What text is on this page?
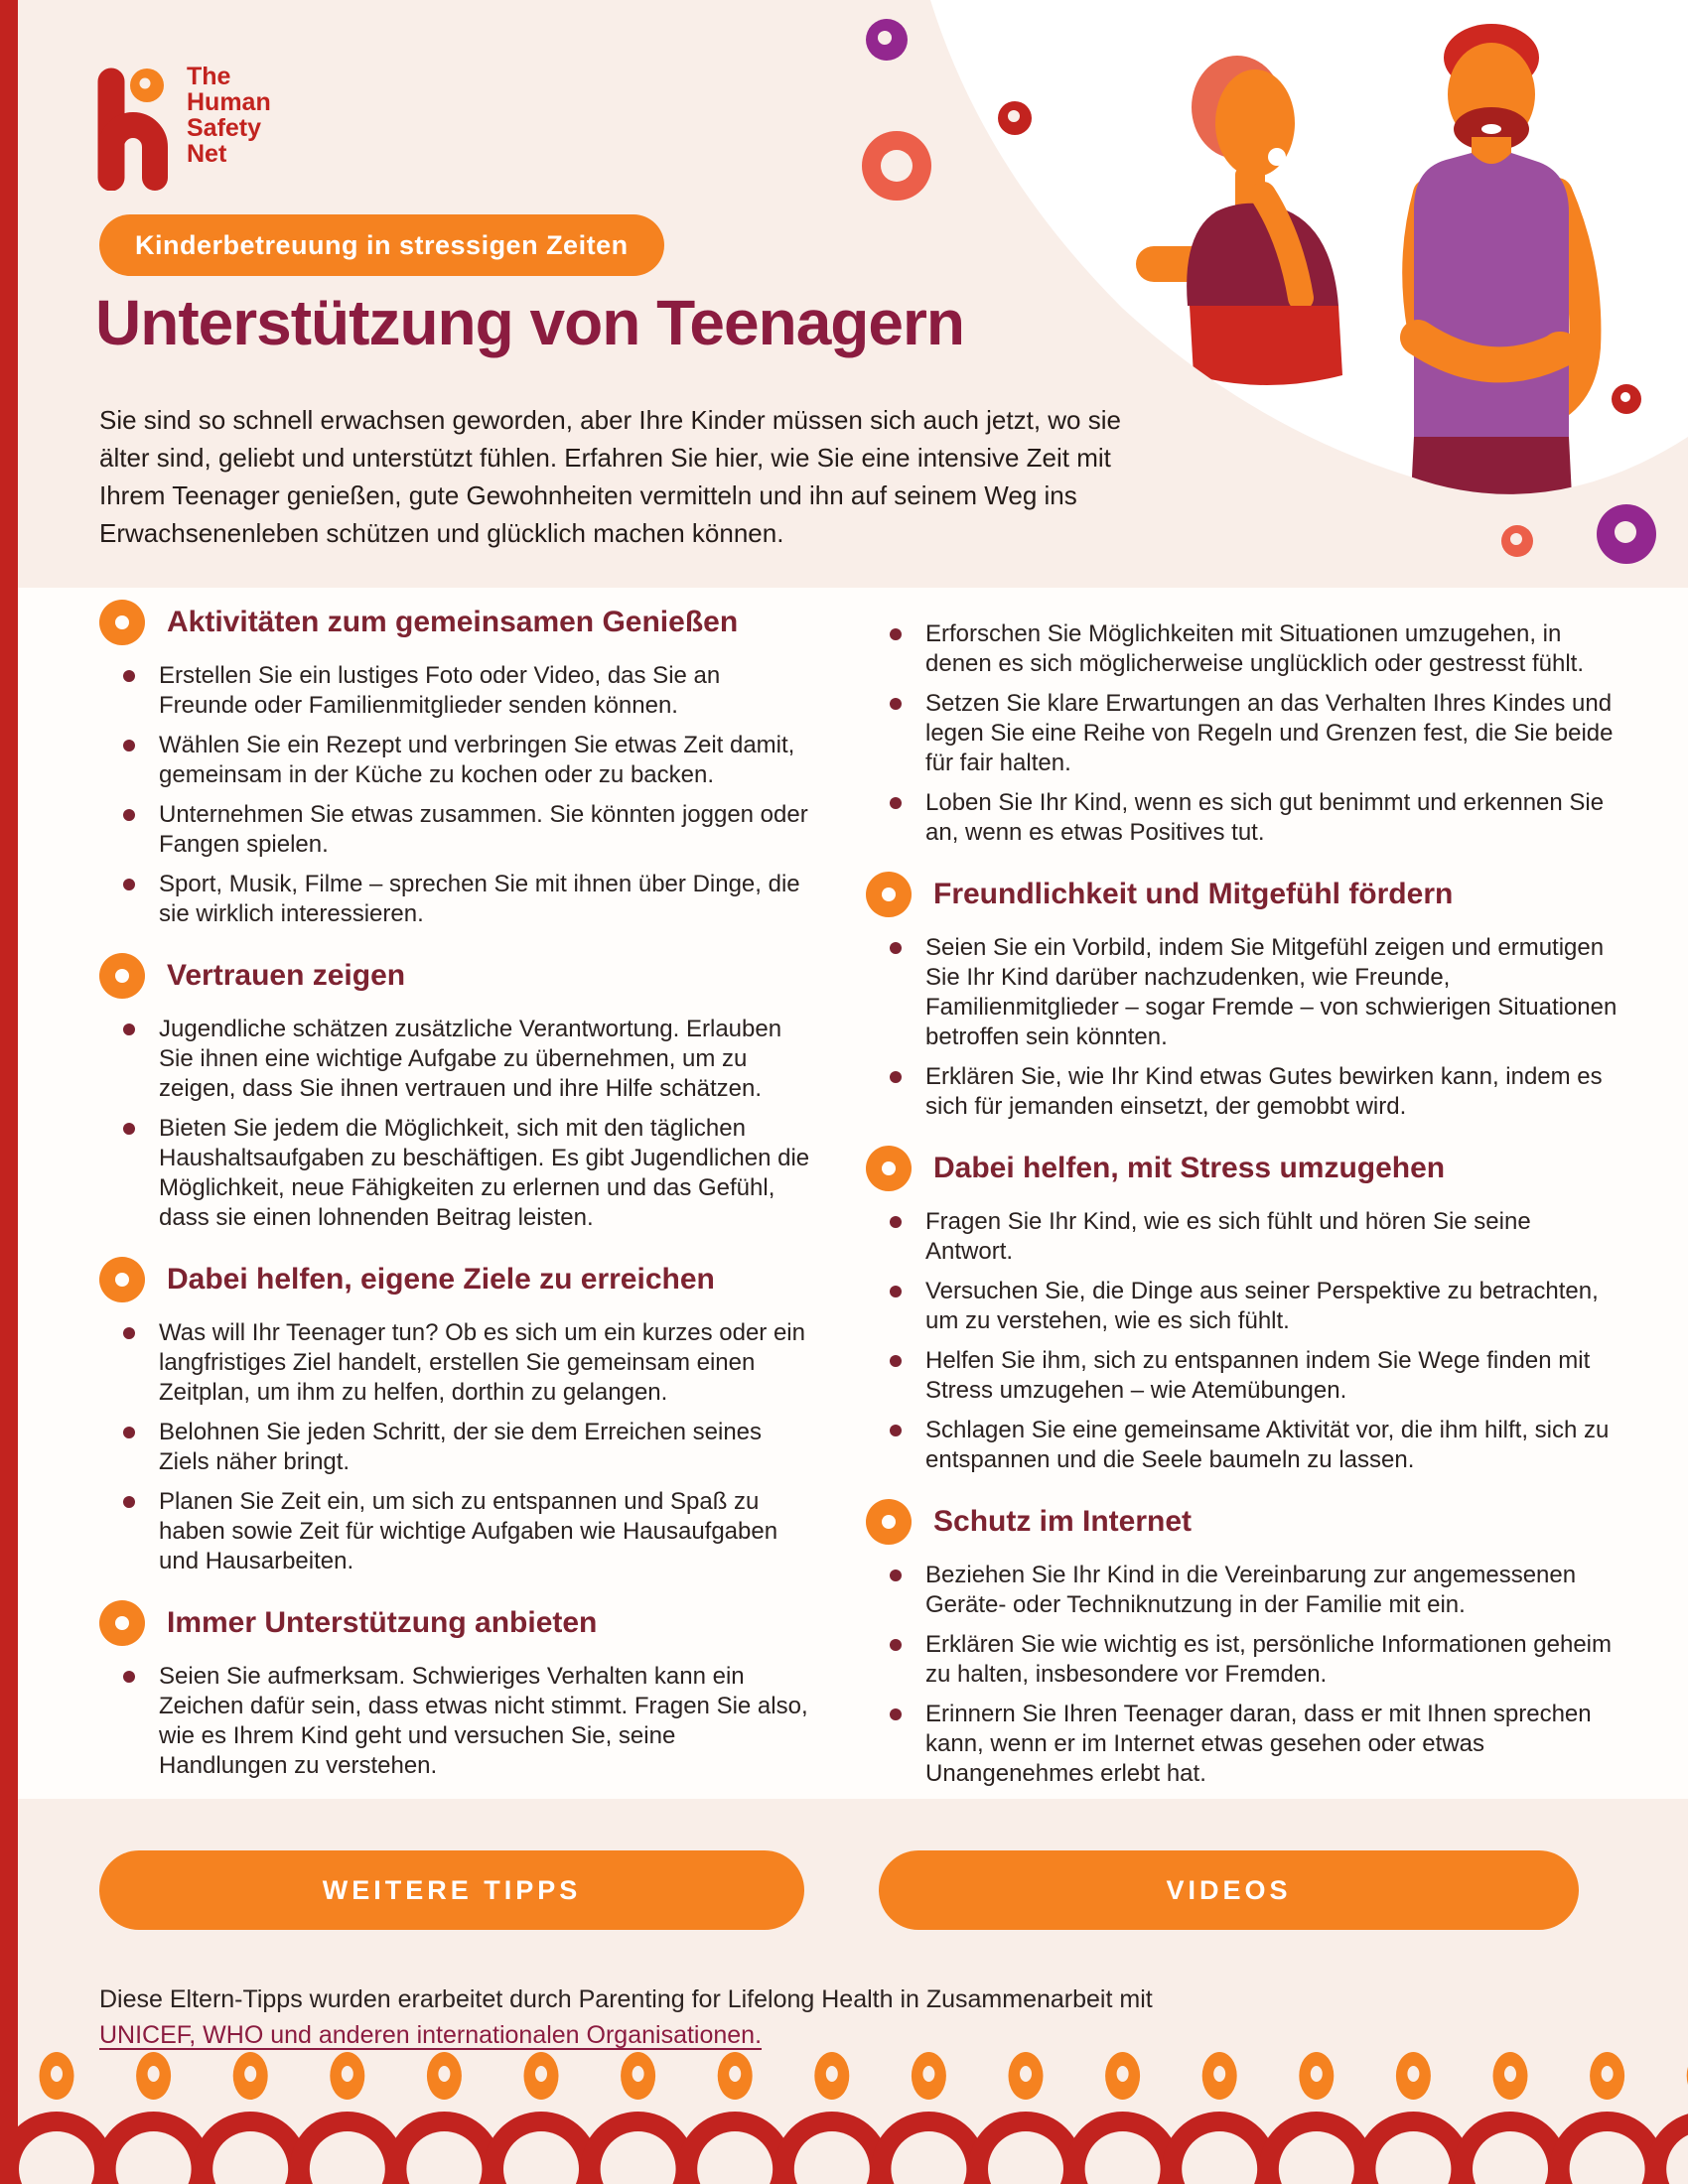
The
Human
Safety
Net
Kinderbetreuung in stressigen Zeiten
Unterstützung von Teenagern

Sie sind so schnell erwachsen geworden, aber Ihre Kinder müssen sich auch jetzt, wo sie älter sind, geliebt und unterstützt fühlen. Erfahren Sie hier, wie Sie eine intensive Zeit mit Ihrem Teenager genießen, gute Gewohnheiten vermitteln und ihn auf seinem Weg ins Erwachsenenleben schützen und glücklich machen können.

Aktivitäten zum gemeinsamen Genießen

Erstellen Sie ein lustiges Foto oder Video, das Sie an Freunde oder Familienmitglieder senden können.

Wählen Sie ein Rezept und verbringen Sie etwas Zeit damit, gemeinsam in der Küche zu kochen oder zu backen.

Unternehmen Sie etwas zusammen. Sie könnten joggen oder Fangen spielen.

Sport, Musik, Filme – sprechen Sie mit ihnen über Dinge, die sie wirklich interessieren.

Vertrauen zeigen

Jugendliche schätzen zusätzliche Verantwortung. Erlauben Sie ihnen eine wichtige Aufgabe zu übernehmen, um zu zeigen, dass Sie ihnen vertrauen und ihre Hilfe schätzen.

Bieten Sie jedem die Möglichkeit, sich mit den täglichen Haushaltsaufgaben zu beschäftigen. Es gibt Jugendlichen die Möglichkeit, neue Fähigkeiten zu erlernen und das Gefühl, dass sie einen lohnenden Beitrag leisten.

Dabei helfen, eigene Ziele zu erreichen

Was will Ihr Teenager tun? Ob es sich um ein kurzes oder ein langfristiges Ziel handelt, erstellen Sie gemeinsam einen Zeitplan, um ihm zu helfen, dorthin zu gelangen.

Belohnen Sie jeden Schritt, der sie dem Erreichen seines Ziels näher bringt.

Planen Sie Zeit ein, um sich zu entspannen und Spaß zu haben sowie Zeit für wichtige Aufgaben wie Hausaufgaben und Hausarbeiten.

Immer Unterstützung anbieten

Seien Sie aufmerksam. Schwieriges Verhalten kann ein Zeichen dafür sein, dass etwas nicht stimmt. Fragen Sie also, wie es Ihrem Kind geht und versuchen Sie, seine Handlungen zu verstehen.

Erforschen Sie Möglichkeiten mit Situationen umzugehen, in denen es sich möglicherweise unglücklich oder gestresst fühlt.

Setzen Sie klare Erwartungen an das Verhalten Ihres Kindes und legen Sie eine Reihe von Regeln und Grenzen fest, die Sie beide für fair halten.

Loben Sie Ihr Kind, wenn es sich gut benimmt und erkennen Sie an, wenn es etwas Positives tut.

Freundlichkeit und Mitgefühl fördern

Seien Sie ein Vorbild, indem Sie Mitgefühl zeigen und ermutigen Sie Ihr Kind darüber nachzudenken, wie Freunde, Familienmitglieder – sogar Fremde – von schwierigen Situationen betroffen sein könnten.

Erklären Sie, wie Ihr Kind etwas Gutes bewirken kann, indem es sich für jemanden einsetzt, der gemobbt wird.

Dabei helfen, mit Stress umzugehen

Fragen Sie Ihr Kind, wie es sich fühlt und hören Sie seine Antwort.

Versuchen Sie, die Dinge aus seiner Perspektive zu betrachten, um zu verstehen, wie es sich fühlt.

Helfen Sie ihm, sich zu entspannen indem Sie Wege finden mit Stress umzugehen – wie Atemübungen.

Schlagen Sie eine gemeinsame Aktivität vor, die ihm hilft, sich zu entspannen und die Seele baumeln zu lassen.

Schutz im Internet

Beziehen Sie Ihr Kind in die Vereinbarung zur angemessenen Geräte- oder Techniknutzung in der Familie mit ein.

Erklären Sie wie wichtig es ist, persönliche Informationen geheim zu halten, insbesondere vor Fremden.

Erinnern Sie Ihren Teenager daran, dass er mit Ihnen sprechen kann, wenn er im Internet etwas gesehen oder etwas Unangenehmes erlebt hat.

WEITERE TIPPS	VIDEOS
Diese Eltern-Tipps wurden erarbeitet durch Parenting for Lifelong Health in Zusammenarbeit mit UNICEF, WHO und anderen internationalen Organisationen.
